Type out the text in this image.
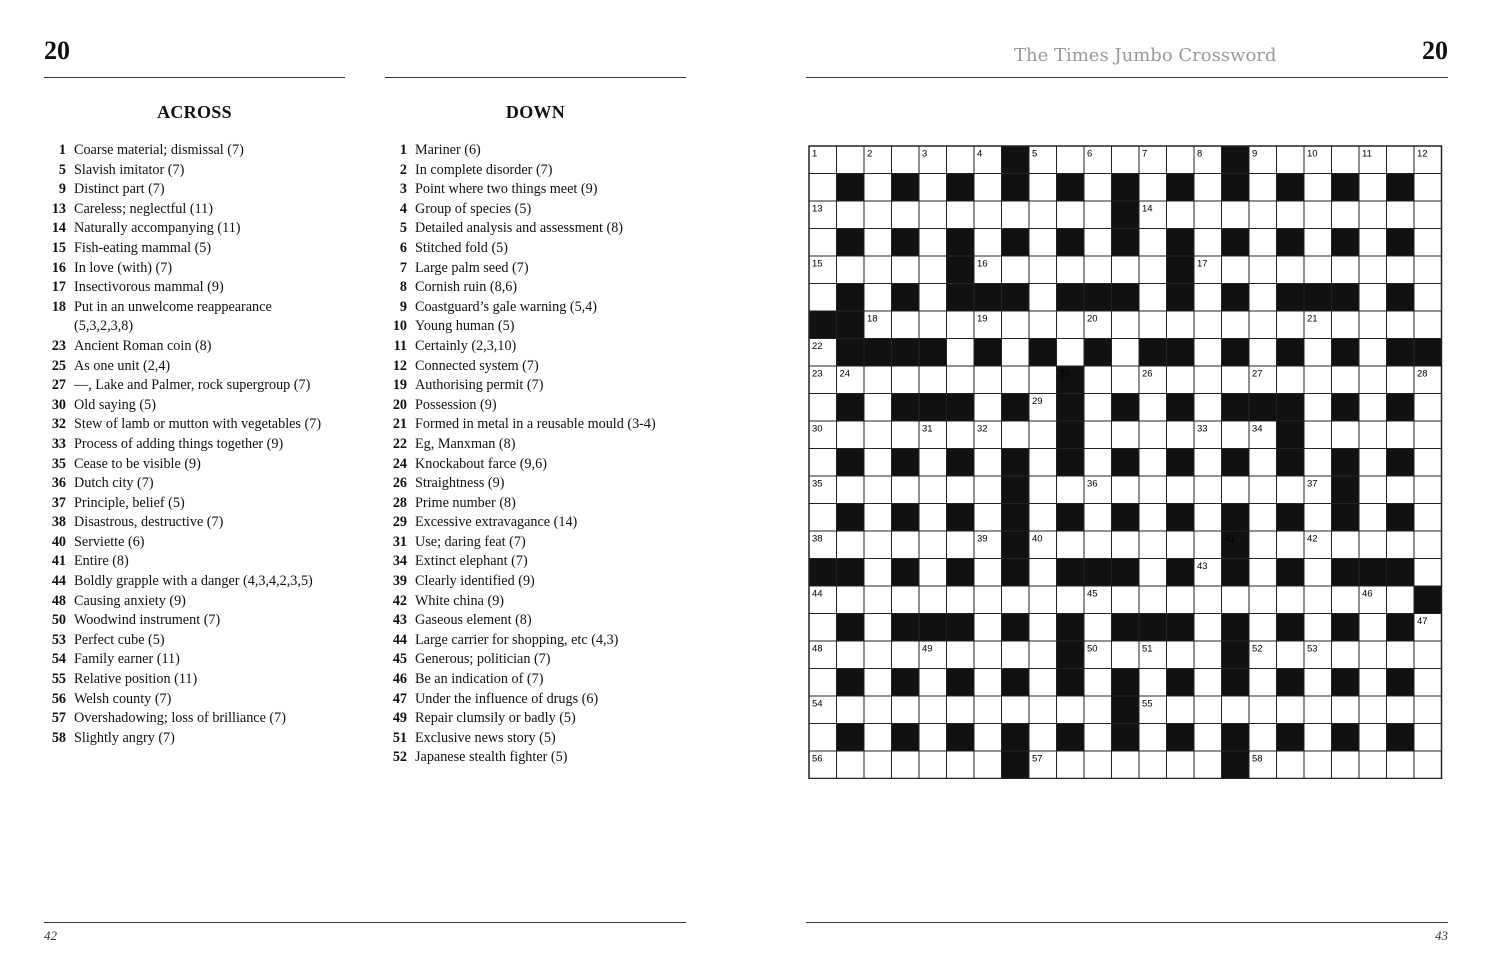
20	The Times Jumbo Crossword	20
ACROSS	DOWN
1 Coarse material; dismissal (7)
5 Slavish imitator (7)
9 Distinct part (7)
13 Careless; neglectful (11)
14 Naturally accompanying (11)
15 Fish-eating mammal (5)
16 In love (with) (7)
17 Insectivorous mammal (9)
18 Put in an unwelcome reappearance
(5,3,2,3,8)
23 Ancient Roman coin (8)
25 As one unit (2,4)
27 —, Lake and Palmer, rock supergroup (7)
30 Old saying (5)
32 Stew of lamb or mutton with vegetables (7)
33 Process of adding things together (9)
35 Cease to be visible (9)
36 Dutch city (7)
37 Principle, belief (5)
38 Disastrous, destructive (7)
40 Serviette (6)
41 Entire (8)
44 Boldly grapple with a danger (4,3,4,2,3,5)
48 Causing anxiety (9)
50 Woodwind instrument (7)
53 Perfect cube (5)
54 Family earner (11)
55 Relative position (11)
56 Welsh county (7)
57 Overshadowing; loss of brilliance (7)
58 Slightly angry (7)
1 Mariner (6)
2 In complete disorder (7)
3 Point where two things meet (9)
4 Group of species (5)
5 Detailed analysis and assessment (8)
6 Stitched fold (5)
7 Large palm seed (7)
8 Cornish ruin (8,6)
9 Coastguard’s gale warning (5,4)
10 Young human (5)
11 Certainly (2,3,10)
12 Connected system (7)
19 Authorising permit (7)
20 Possession (9)
21 Formed in metal in a reusable mould (3-4)
22 Eg, Manxman (8)
24 Knockabout farce (9,6)
26 Straightness (9)
28 Prime number (8)
29 Excessive extravagance (14)
31 Use; daring feat (7)
34 Extinct elephant (7)
39 Clearly identified (9)
42 White china (9)
43 Gaseous element (8)
44 Large carrier for shopping, etc (4,3)
45 Generous; politician (7)
46 Be an indication of (7)
47 Under the influence of drugs (6)
49 Repair clumsily or badly (5)
51 Exclusive news story (5)
52 Japanese stealth fighter (5)
1	2	3	4	5	6	7	8	9	10	11	12
13	14
15	16	17
18	19	20	21
22
23 24	25	26	27	28
29
30	31	32	33	34
35	36	37
38	39	40	41	42
43
44	45	46
47
48	49	50	51	52	53
54	55
56	57	58
42	43
